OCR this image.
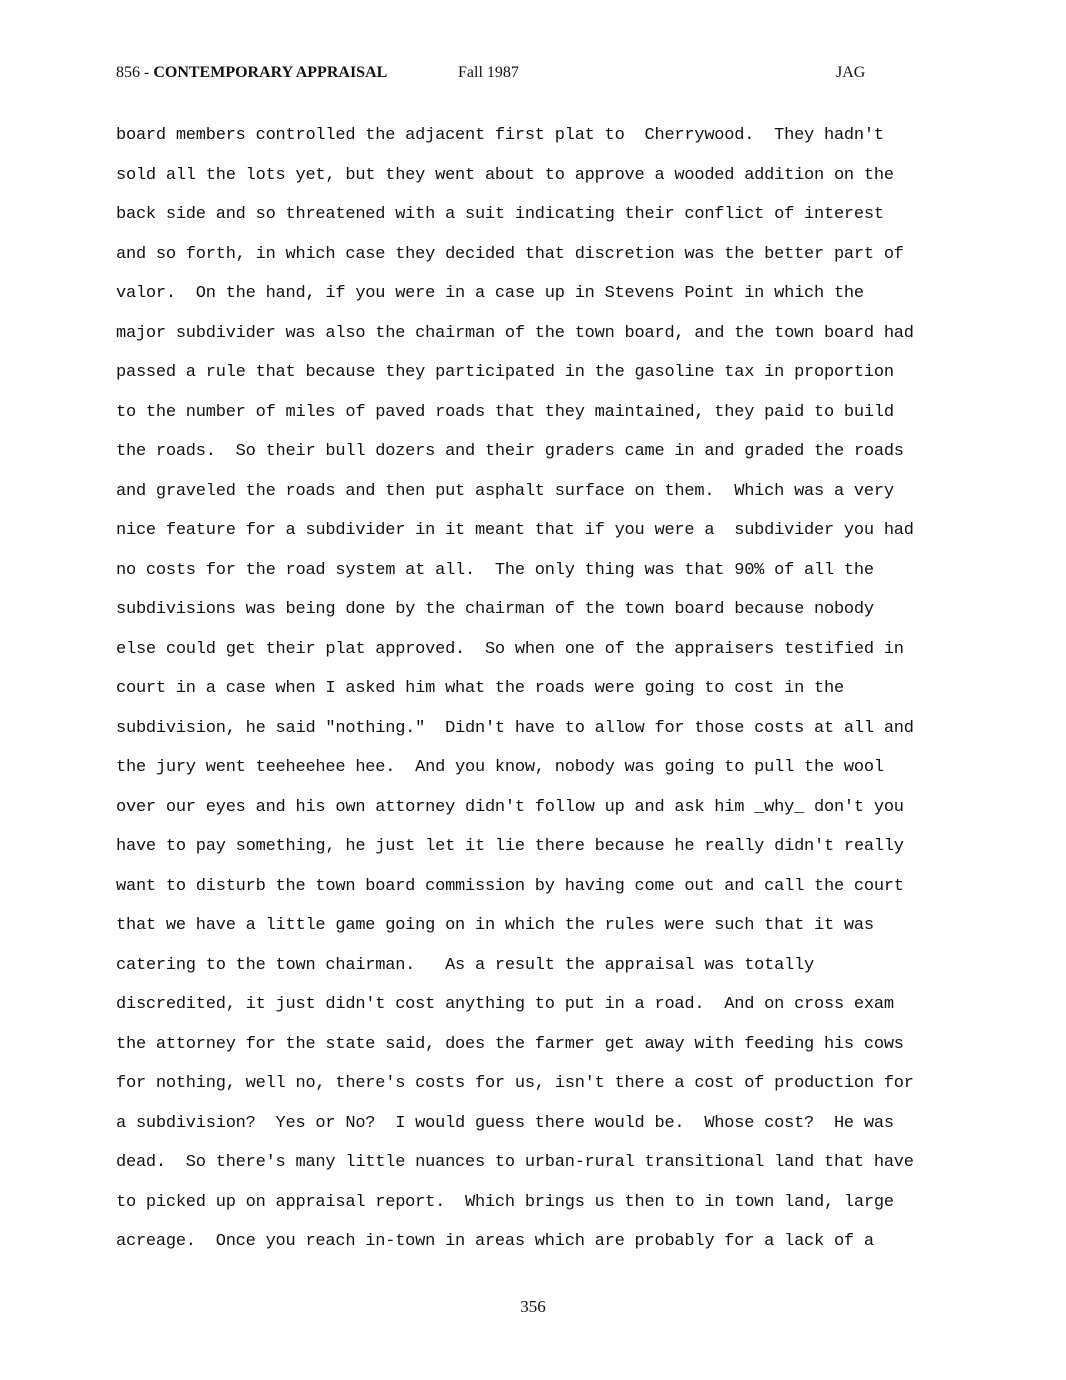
856 - CONTEMPORARY APPRAISAL	Fall 1987	JAG
board members controlled the adjacent first plat to  Cherrywood.  They hadn't
sold all the lots yet, but they went about to approve a wooded addition on the
back side and so threatened with a suit indicating their conflict of interest
and so forth, in which case they decided that discretion was the better part of
valor.  On the hand, if you were in a case up in Stevens Point in which the
major subdivider was also the chairman of the town board, and the town board had
passed a rule that because they participated in the gasoline tax in proportion
to the number of miles of paved roads that they maintained, they paid to build
the roads.  So their bull dozers and their graders came in and graded the roads
and graveled the roads and then put asphalt surface on them.  Which was a very
nice feature for a subdivider in it meant that if you were a  subdivider you had
no costs for the road system at all.  The only thing was that 90% of all the
subdivisions was being done by the chairman of the town board because nobody
else could get their plat approved.  So when one of the appraisers testified in
court in a case when I asked him what the roads were going to cost in the
subdivision, he said "nothing."  Didn't have to allow for those costs at all and
the jury went teeheehee hee.  And you know, nobody was going to pull the wool
over our eyes and his own attorney didn't follow up and ask him _why_ don't you
have to pay something, he just let it lie there because he really didn't really
want to disturb the town board commission by having come out and call the court
that we have a little game going on in which the rules were such that it was
catering to the town chairman.   As a result the appraisal was totally
discredited, it just didn't cost anything to put in a road.  And on cross exam
the attorney for the state said, does the farmer get away with feeding his cows
for nothing, well no, there's costs for us, isn't there a cost of production for
a subdivision?  Yes or No?  I would guess there would be.  Whose cost?  He was
dead.  So there's many little nuances to urban-rural transitional land that have
to picked up on appraisal report.  Which brings us then to in town land, large
acreage.  Once you reach in-town in areas which are probably for a lack of a
356
